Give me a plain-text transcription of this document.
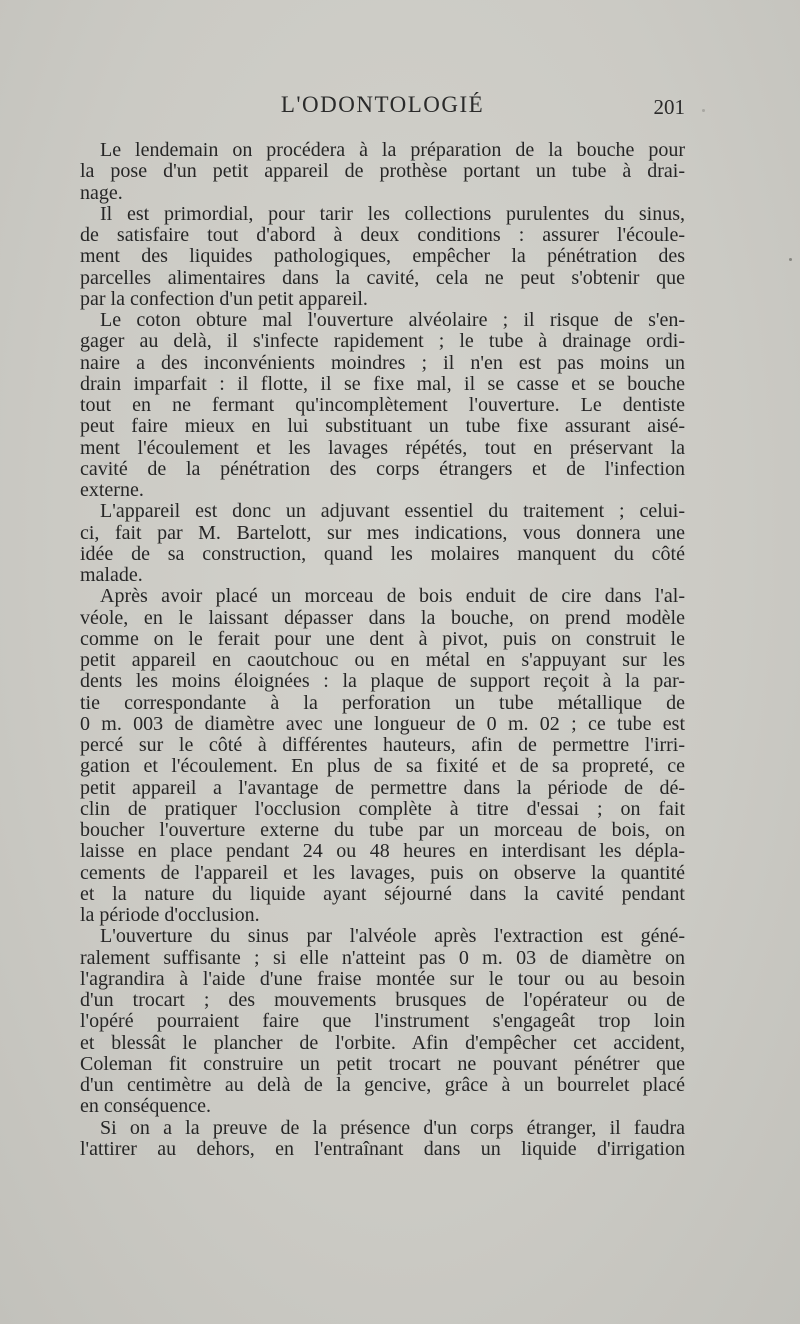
L'ODONTOLOGIÉ	201

Le lendemain on procédera à la préparation de la bouche pour
la pose d'un petit appareil de prothèse portant un tube à drai-
nage.

Il est primordial, pour tarir les collections purulentes du sinus,
de satisfaire tout d'abord à deux conditions : assurer l'écoule-
ment des liquides pathologiques, empêcher la pénétration des
parcelles alimentaires dans la cavité, cela ne peut s'obtenir que
par la confection d'un petit appareil.

Le coton obture mal l'ouverture alvéolaire ; il risque de s'en-
gager au delà, il s'infecte rapidement ; le tube à drainage ordi-
naire a des inconvénients moindres ; il n'en est pas moins un
drain imparfait : il flotte, il se fixe mal, il se casse et se bouche
tout en ne fermant qu'incomplètement l'ouverture. Le dentiste
peut faire mieux en lui substituant un tube fixe assurant aisé-
ment l'écoulement et les lavages répétés, tout en préservant la
cavité de la pénétration des corps étrangers et de l'infection
externe.

L'appareil est donc un adjuvant essentiel du traitement ; celui-
ci, fait par M. Bartelott, sur mes indications, vous donnera une
idée de sa construction, quand les molaires manquent du côté
malade.

Après avoir placé un morceau de bois enduit de cire dans l'al-
véole, en le laissant dépasser dans la bouche, on prend modèle
comme on le ferait pour une dent à pivot, puis on construit le
petit appareil en caoutchouc ou en métal en s'appuyant sur les
dents les moins éloignées : la plaque de support reçoit à la par-
tie correspondante à la perforation un tube métallique de
0 m. 003 de diamètre avec une longueur de 0 m. 02 ; ce tube est
percé sur le côté à différentes hauteurs, afin de permettre l'irri-
gation et l'écoulement. En plus de sa fixité et de sa propreté, ce
petit appareil a l'avantage de permettre dans la période de dé-
clin de pratiquer l'occlusion complète à titre d'essai ; on fait
boucher l'ouverture externe du tube par un morceau de bois, on
laisse en place pendant 24 ou 48 heures en interdisant les dépla-
cements de l'appareil et les lavages, puis on observe la quantité
et la nature du liquide ayant séjourné dans la cavité pendant
la période d'occlusion.

L'ouverture du sinus par l'alvéole après l'extraction est géné-
ralement suffisante ; si elle n'atteint pas 0 m. 03 de diamètre on
l'agrandira à l'aide d'une fraise montée sur le tour ou au besoin
d'un trocart ; des mouvements brusques de l'opérateur ou de
l'opéré pourraient faire que l'instrument s'engageât trop loin
et blessât le plancher de l'orbite. Afin d'empêcher cet accident,
Coleman fit construire un petit trocart ne pouvant pénétrer que
d'un centimètre au delà de la gencive, grâce à un bourrelet placé
en conséquence.

Si on a la preuve de la présence d'un corps étranger, il faudra
l'attirer au dehors, en l'entraînant dans un liquide d'irrigation
